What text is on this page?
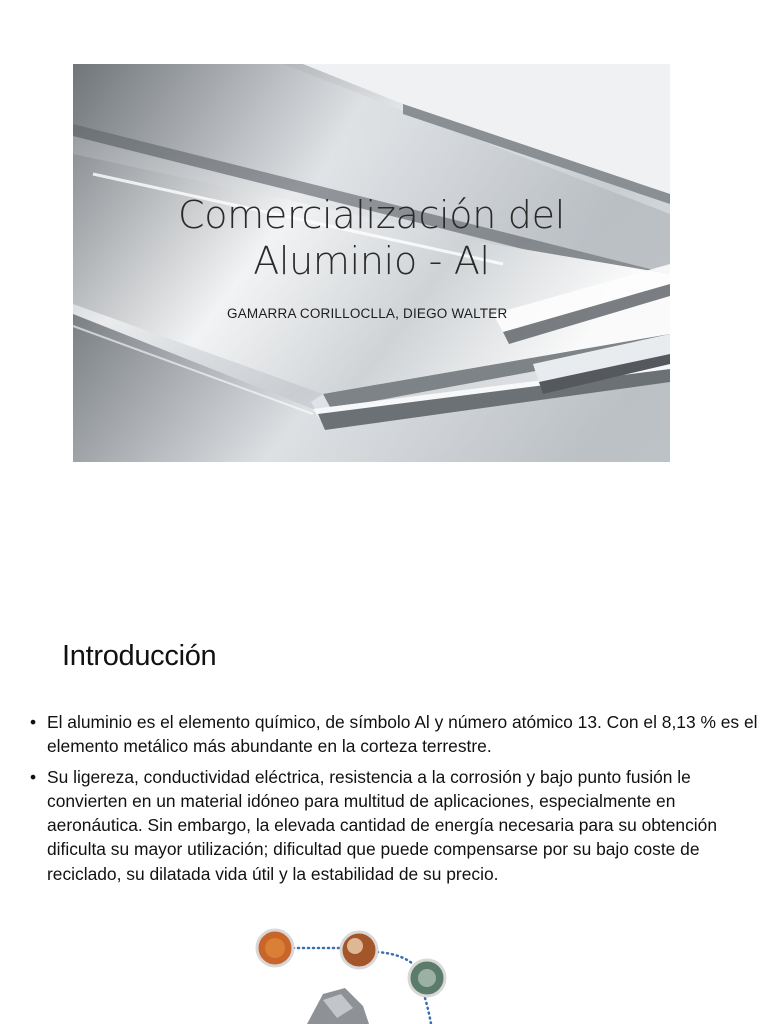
Comercialización del
Aluminio - Al
GAMARRA CORILLOCLLA, DIEGO WALTER
Introducción
• El aluminio es el elemento químico, de símbolo Al y número atómico 13. Con el 8,13 % es el elemento metálico más abundante en la corteza terrestre.
• Su ligereza, conductividad eléctrica, resistencia a la corrosión y bajo punto fusión le convierten en un material idóneo para multitud de aplicaciones, especialmente en aeronáutica. Sin embargo, la elevada cantidad de energía necesaria para su obtención dificulta su mayor utilización; dificultad que puede compensarse por su bajo coste de reciclado, su dilatada vida útil y la estabilidad de su precio.
